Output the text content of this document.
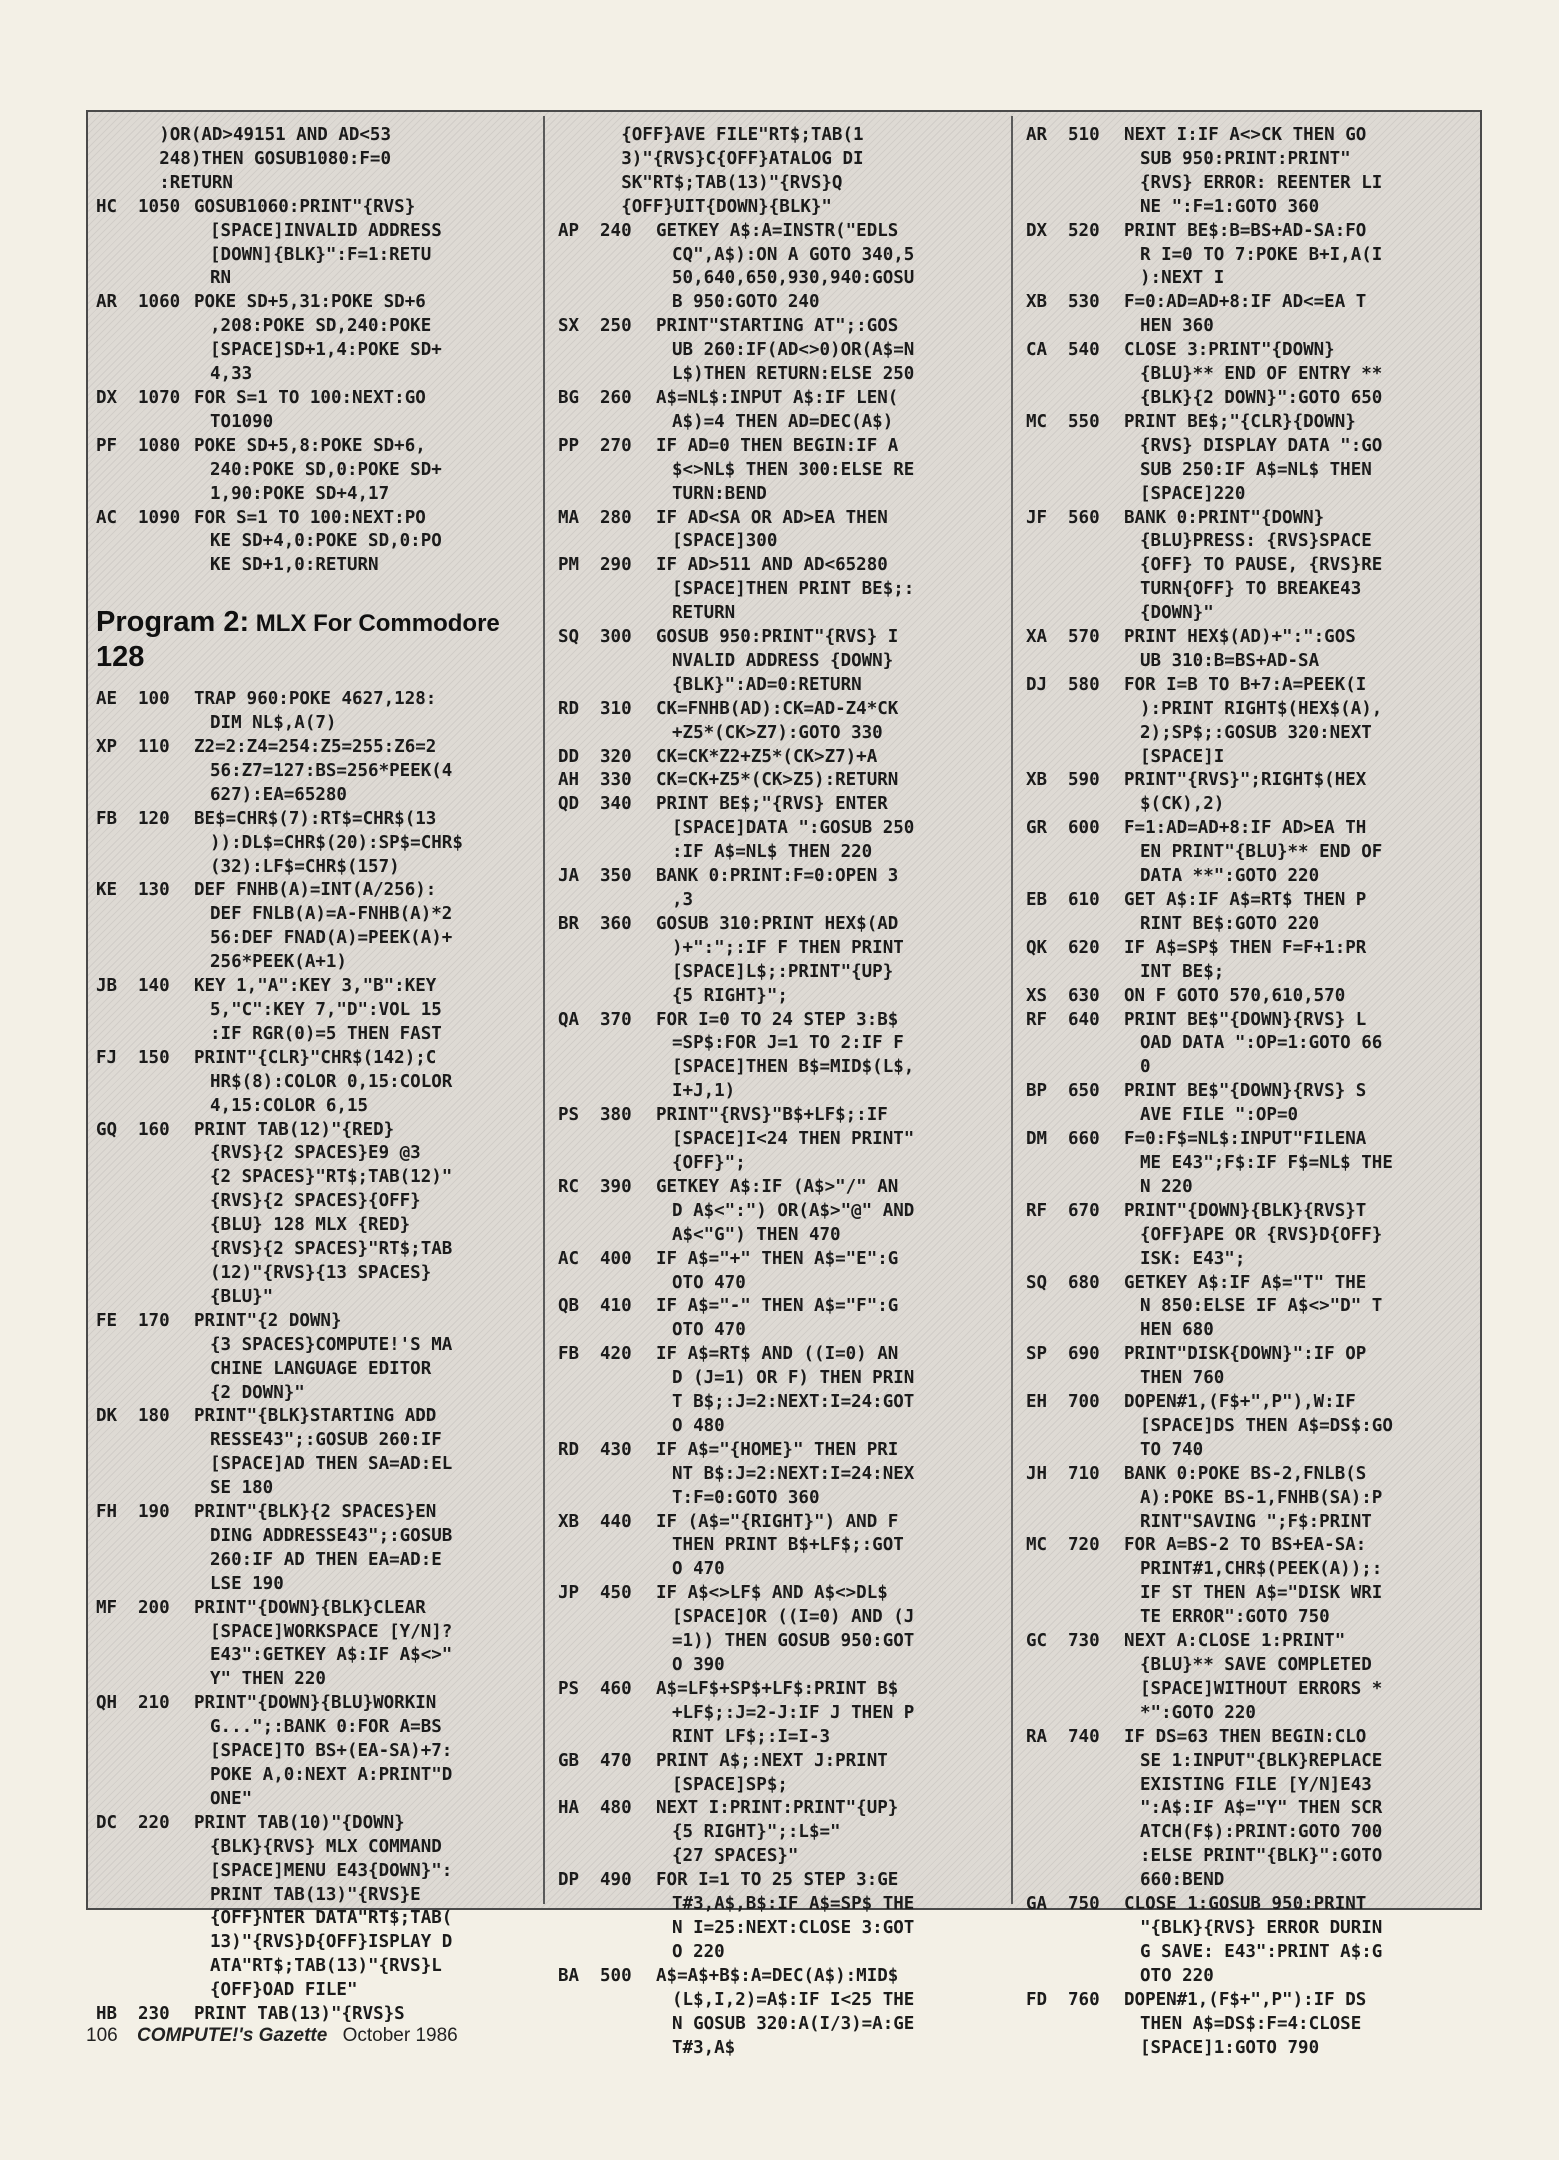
)OR(AD>49151 AND AD<53
248)THEN GOSUB1080:F=0
:RETURN
HC	1050 GOSUB1060:PRINT"{RVS}
[SPACE]INVALID ADDRESS
[DOWN]{BLK}":F=1:RETU
RN
AR	1060 POKE SD+5,31:POKE SD+6
,208:POKE SD,240:POKE
[SPACE]SD+1,4:POKE SD+
4,33
DX	1070 FOR S=1 TO 100:NEXT:GO
TO1090
PF	1080 POKE SD+5,8:POKE SD+6,
240:POKE SD,0:POKE SD+
1,90:POKE SD+4,17
AC	1090 FOR S=1 TO 100:NEXT:PO
KE SD+4,0:POKE SD,0:PO
KE SD+1,0:RETURN
Program 2: MLX For Commodore
128
AE	100	TRAP 960:POKE 4627,128:
DIM NL$,A(7)
XP	110	Z2=2:Z4=254:Z5=255:Z6=2
56:Z7=127:BS=256*PEEK(4
627):EA=65280
FB	120	BE$=CHR$(7):RT$=CHR$(13
)):DL$=CHR$(20):SP$=CHR$
(32):LF$=CHR$(157)
KE	130	DEF FNHB(A)=INT(A/256):
DEF FNLB(A)=A-FNHB(A)*2
56:DEF FNAD(A)=PEEK(A)+
256*PEEK(A+1)
JB	140	KEY 1,"A":KEY 3,"B":KEY
5,"C":KEY 7,"D":VOL 15
:IF RGR(0)=5 THEN FAST
FJ	150	PRINT"{CLR}"CHR$(142);C
HR$(8):COLOR 0,15:COLOR
4,15:COLOR 6,15
GQ	160	PRINT TAB(12)"{RED}
{RVS}{2 SPACES}E9 @3
{2 SPACES}"RT$;TAB(12)"
{RVS}{2 SPACES}{OFF}
{BLU} 128 MLX {RED}
{RVS}{2 SPACES}"RT$;TAB
(12)"{RVS}{13 SPACES}
{BLU}"
FE	170	PRINT"{2 DOWN}
{3 SPACES}COMPUTE!'S MA
CHINE LANGUAGE EDITOR
{2 DOWN}"
DK	180	PRINT"{BLK}STARTING ADD
RESSE43";:GOSUB 260:IF
[SPACE]AD THEN SA=AD:EL
SE 180
FH	190	PRINT"{BLK}{2 SPACES}EN
DING ADDRESSE43";:GOSUB
260:IF AD THEN EA=AD:E
LSE 190
MF	200	PRINT"{DOWN}{BLK}CLEAR
[SPACE]WORKSPACE [Y/N]?
E43":GETKEY A$:IF A$<>"
Y" THEN 220
QH	210	PRINT"{DOWN}{BLU}WORKIN
G...";:BANK 0:FOR A=BS
[SPACE]TO BS+(EA-SA)+7:
POKE A,0:NEXT A:PRINT"D
ONE"
DC	220	PRINT TAB(10)"{DOWN}
{BLK}{RVS} MLX COMMAND
[SPACE]MENU E43{DOWN}":
PRINT TAB(13)"{RVS}E
{OFF}NTER DATA"RT$;TAB(
13)"{RVS}D{OFF}ISPLAY D
ATA"RT$;TAB(13)"{RVS}L
{OFF}OAD FILE"
HB	230	PRINT TAB(13)"{RVS}S
{OFF}AVE FILE"RT$;TAB(1
3)"{RVS}C{OFF}ATALOG DI
SK"RT$;TAB(13)"{RVS}Q
{OFF}UIT{DOWN}{BLK}"
AP	240	GETKEY A$:A=INSTR("EDLS
CQ",A$):ON A GOTO 340,5
50,640,650,930,940:GOSU
B 950:GOTO 240
SX	250	PRINT"STARTING AT";:GOS
UB 260:IF(AD<>0)OR(A$=N
L$)THEN RETURN:ELSE 250
BG	260	A$=NL$:INPUT A$:IF LEN(
A$)=4 THEN AD=DEC(A$)
PP	270	IF AD=0 THEN BEGIN:IF A
$<>NL$ THEN 300:ELSE RE
TURN:BEND
MA	280	IF AD<SA OR AD>EA THEN
[SPACE]300
PM	290	IF AD>511 AND AD<65280
[SPACE]THEN PRINT BE$;:
RETURN
SQ	300	GOSUB 950:PRINT"{RVS} I
NVALID ADDRESS {DOWN}
{BLK}":AD=0:RETURN
RD	310	CK=FNHB(AD):CK=AD-Z4*CK
+Z5*(CK>Z7):GOTO 330
DD	320	CK=CK*Z2+Z5*(CK>Z7)+A
AH	330	CK=CK+Z5*(CK>Z5):RETURN
QD	340	PRINT BE$;"{RVS} ENTER
[SPACE]DATA ":GOSUB 250
:IF A$=NL$ THEN 220
JA	350	BANK 0:PRINT:F=0:OPEN 3
,3
BR	360	GOSUB 310:PRINT HEX$(AD
)+":";:IF F THEN PRINT
[SPACE]L$;:PRINT"{UP}
{5 RIGHT}";
QA	370	FOR I=0 TO 24 STEP 3:B$
=SP$:FOR J=1 TO 2:IF F
[SPACE]THEN B$=MID$(L$,
I+J,1)
PS	380	PRINT"{RVS}"B$+LF$;:IF
[SPACE]I<24 THEN PRINT"
{OFF}";
RC	390	GETKEY A$:IF (A$>"/" AN
D A$<":") OR(A$>"@" AND
A$<"G") THEN 470
AC	400	IF A$="+" THEN A$="E":G
OTO 470
QB	410	IF A$="-" THEN A$="F":G
OTO 470
FB	420	IF A$=RT$ AND ((I=0) AN
D (J=1) OR F) THEN PRIN
T B$;:J=2:NEXT:I=24:GOT
O 480
RD	430	IF A$="{HOME}" THEN PRI
NT B$:J=2:NEXT:I=24:NEX
T:F=0:GOTO 360
XB	440	IF (A$="{RIGHT}") AND F
THEN PRINT B$+LF$;:GOT
O 470
JP	450	IF A$<>LF$ AND A$<>DL$
[SPACE]OR ((I=0) AND (J
=1)) THEN GOSUB 950:GOT
O 390
PS	460	A$=LF$+SP$+LF$:PRINT B$
+LF$;:J=2-J:IF J THEN P
RINT LF$;:I=I-3
GB	470	PRINT A$;:NEXT J:PRINT
[SPACE]SP$;
HA	480	NEXT I:PRINT:PRINT"{UP}
{5 RIGHT}";:L$="
{27 SPACES}"
DP	490	FOR I=1 TO 25 STEP 3:GE
T#3,A$,B$:IF A$=SP$ THE
N I=25:NEXT:CLOSE 3:GOT
O 220
BA	500	A$=A$+B$:A=DEC(A$):MID$
(L$,I,2)=A$:IF I<25 THE
N GOSUB 320:A(I/3)=A:GE
T#3,A$
AR	510	NEXT I:IF A<>CK THEN GO
SUB 950:PRINT:PRINT"
{RVS} ERROR: REENTER LI
NE ":F=1:GOTO 360
DX	520	PRINT BE$:B=BS+AD-SA:FO
R I=0 TO 7:POKE B+I,A(I
):NEXT I
XB	530	F=0:AD=AD+8:IF AD<=EA T
HEN 360
CA	540	CLOSE 3:PRINT"{DOWN}
{BLU}** END OF ENTRY **
{BLK}{2 DOWN}":GOTO 650
MC	550	PRINT BE$;"{CLR}{DOWN}
{RVS} DISPLAY DATA ":GO
SUB 250:IF A$=NL$ THEN
[SPACE]220
JF	560	BANK 0:PRINT"{DOWN}
{BLU}PRESS: {RVS}SPACE
{OFF} TO PAUSE, {RVS}RE
TURN{OFF} TO BREAKE43
{DOWN}"
XA	570	PRINT HEX$(AD)+":":GOS
UB 310:B=BS+AD-SA
DJ	580	FOR I=B TO B+7:A=PEEK(I
):PRINT RIGHT$(HEX$(A),
2);SP$;:GOSUB 320:NEXT
[SPACE]I
XB	590	PRINT"{RVS}";RIGHT$(HEX
$(CK),2)
GR	600	F=1:AD=AD+8:IF AD>EA TH
EN PRINT"{BLU}** END OF
DATA **":GOTO 220
EB	610	GET A$:IF A$=RT$ THEN P
RINT BE$:GOTO 220
QK	620	IF A$=SP$ THEN F=F+1:PR
INT BE$;
XS	630	ON F GOTO 570,610,570
RF	640	PRINT BE$"{DOWN}{RVS} L
OAD DATA ":OP=1:GOTO 66
0
BP	650	PRINT BE$"{DOWN}{RVS} S
AVE FILE ":OP=0
DM	660	F=0:F$=NL$:INPUT"FILENA
ME E43";F$:IF F$=NL$ THE
N 220
RF	670	PRINT"{DOWN}{BLK}{RVS}T
{OFF}APE OR {RVS}D{OFF}
ISK: E43";
SQ	680	GETKEY A$:IF A$="T" THE
N 850:ELSE IF A$<>"D" T
HEN 680
SP	690	PRINT"DISK{DOWN}":IF OP
THEN 760
EH	700	DOPEN#1,(F$+",P"),W:IF
[SPACE]DS THEN A$=DS$:GO
TO 740
JH	710	BANK 0:POKE BS-2,FNLB(S
A):POKE BS-1,FNHB(SA):P
RINT"SAVING ";F$:PRINT
MC	720	FOR A=BS-2 TO BS+EA-SA:
PRINT#1,CHR$(PEEK(A));:
IF ST THEN A$="DISK WRI
TE ERROR":GOTO 750
GC	730	NEXT A:CLOSE 1:PRINT"
{BLU}** SAVE COMPLETED
[SPACE]WITHOUT ERRORS *
*":GOTO 220
RA	740	IF DS=63 THEN BEGIN:CLO
SE 1:INPUT"{BLK}REPLACE
EXISTING FILE [Y/N]E43
":A$:IF A$="Y" THEN SCR
ATCH(F$):PRINT:GOTO 700
:ELSE PRINT"{BLK}":GOTO
660:BEND
GA	750	CLOSE 1:GOSUB 950:PRINT
"{BLK}{RVS} ERROR DURIN
G SAVE: E43":PRINT A$:G
OTO 220
FD	760	DOPEN#1,(F$+",P"):IF DS
THEN A$=DS$:F=4:CLOSE
[SPACE]1:GOTO 790
106 COMPUTE!'s Gazette October 1986
